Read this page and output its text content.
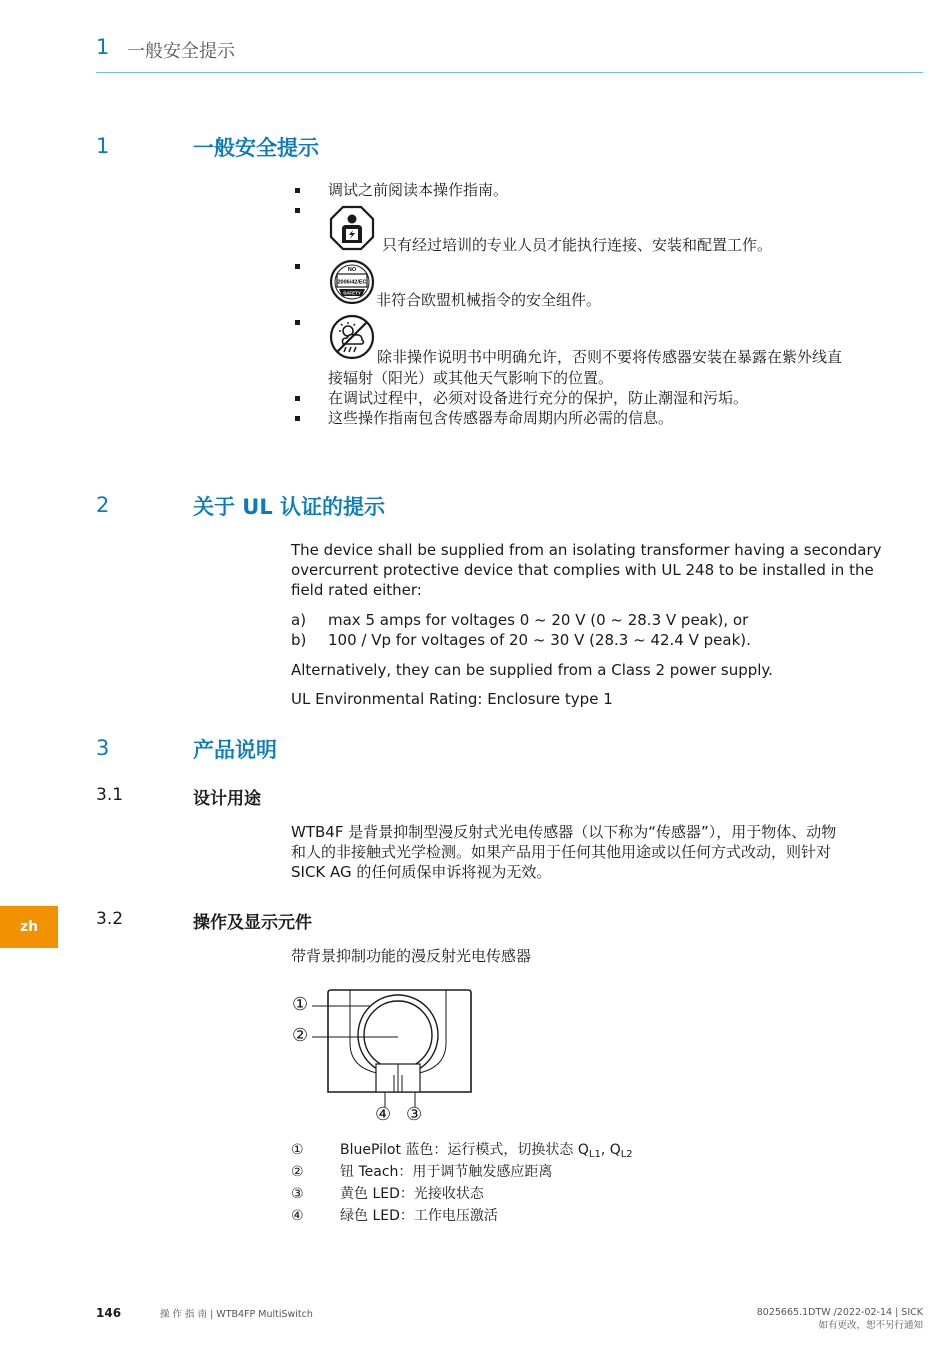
1 一般安全提示
1	一般安全提示
调试之前阅读本操作指南。
只有经过培训的专业人员才能执行连接、安装和配置工作。
NO
2006/42/EC
SAFETY 非符合欧盟机械指令的安全组件。
除非操作说明书中明确允许，否则不要将传感器安装在暴露在紫外线直
接辐射（阳光）或其他天气影响下的位置。
在调试过程中，必须对设备进行充分的保护，防止潮湿和污垢。
这些操作指南包含传感器寿命周期内所必需的信息。
2	关于 UL 认证的提示
The device shall be supplied from an isolating transformer having a secondary
overcurrent protective device that complies with UL 248 to be installed in the
field rated either:
a) max 5 amps for voltages 0 ~ 20 V (0 ~ 28.3 V peak), or
b) 100 / Vp for voltages of 20 ~ 30 V (28.3 ~ 42.4 V peak).
Alternatively, they can be supplied from a Class 2 power supply.
UL Environmental Rating: Enclosure type 1
3	产品说明
3.1	设计用途
WTB4F 是背景抑制型漫反射式光电传感器（以下称为“传感器”），用于物体、动物
和人的非接触式光学检测。如果产品用于任何其他用途或以任何方式改动，则针对
SICK AG 的任何质保申诉将视为无效。
3.2	操作及显示元件
带背景抑制功能的漫反射光电传感器
①
②
④ ③
①	BluePilot 蓝色：运行模式，切换状态 $Q_{L1}$, $Q_{L2}$
②	钮 Teach：用于调节触发感应距离
③	黄色 LED：光接收状态
④	绿色 LED：工作电压激活
zh
146	操 作 指 南 | WTB4FP MultiSwitch	8025665.1DTW /2022-02-14 | SICK
如有更改，恕不另行通知
